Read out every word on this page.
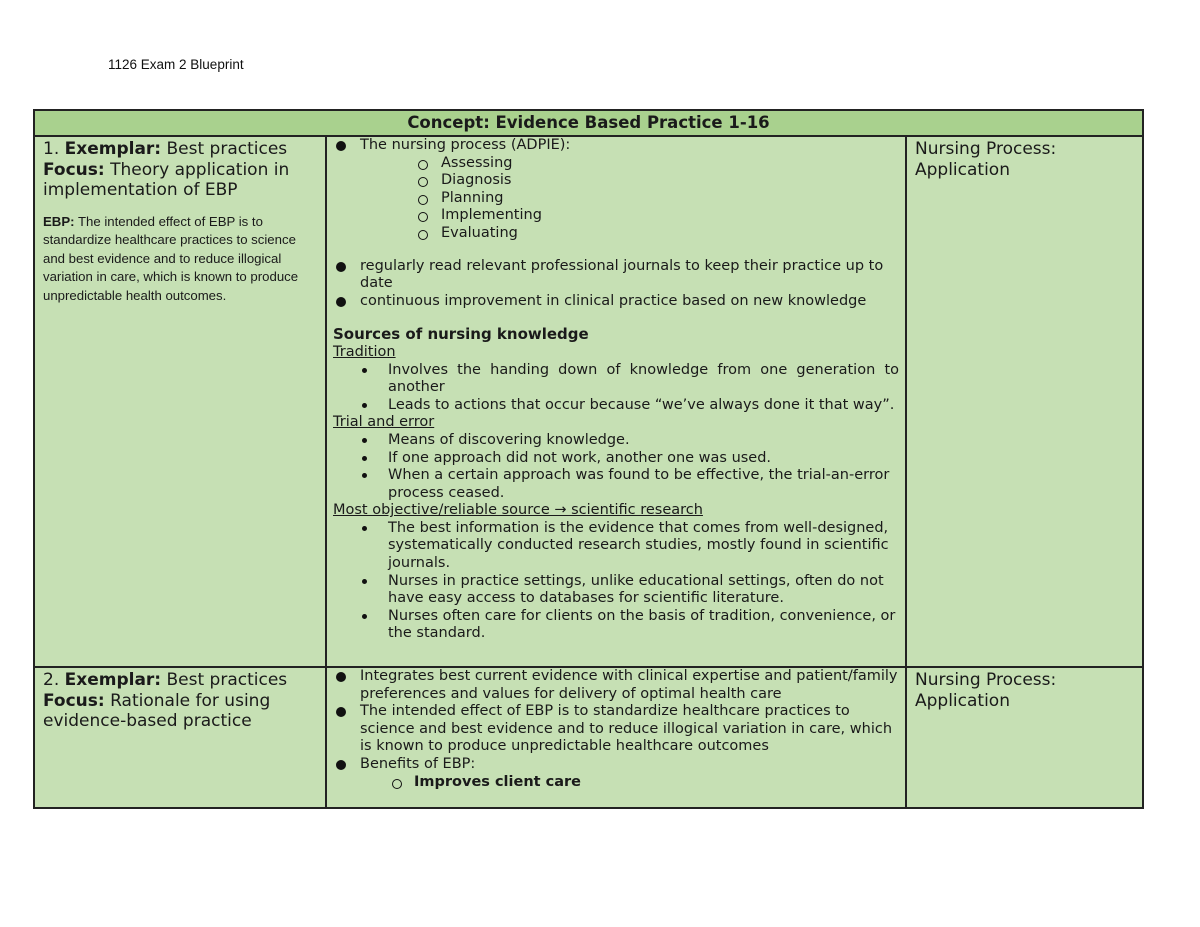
1126 Exam 2 Blueprint
Concept: Evidence Based Practice 1-16
1. Exemplar: Best practices
Focus: Theory application in implementation of EBP
EBP: The intended effect of EBP is to standardize healthcare practices to science and best evidence and to reduce illogical variation in care, which is known to produce unpredictable health outcomes.
The nursing process (ADPIE):
Assessing
Diagnosis
Planning
Implementing
Evaluating
regularly read relevant professional journals to keep their practice up to date
continuous improvement in clinical practice based on new knowledge
Sources of nursing knowledge
Tradition
Involves the handing down of knowledge from one generation to another
Leads to actions that occur because “we’ve always done it that way”.
Trial and error
Means of discovering knowledge.
If one approach did not work, another one was used.
When a certain approach was found to be effective, the trial-an-error process ceased.
Most objective/reliable source → scientific research
The best information is the evidence that comes from well-designed, systematically conducted research studies, mostly found in scientific journals.
Nurses in practice settings, unlike educational settings, often do not have easy access to databases for scientific literature.
Nurses often care for clients on the basis of tradition, convenience, or the standard.
Nursing Process: Application
2. Exemplar: Best practices
Focus: Rationale for using evidence-based practice
Integrates best current evidence with clinical expertise and patient/family preferences and values for delivery of optimal health care
The intended effect of EBP is to standardize healthcare practices to science and best evidence and to reduce illogical variation in care, which is known to produce unpredictable healthcare outcomes
Benefits of EBP:
Improves client care
Nursing Process: Application
